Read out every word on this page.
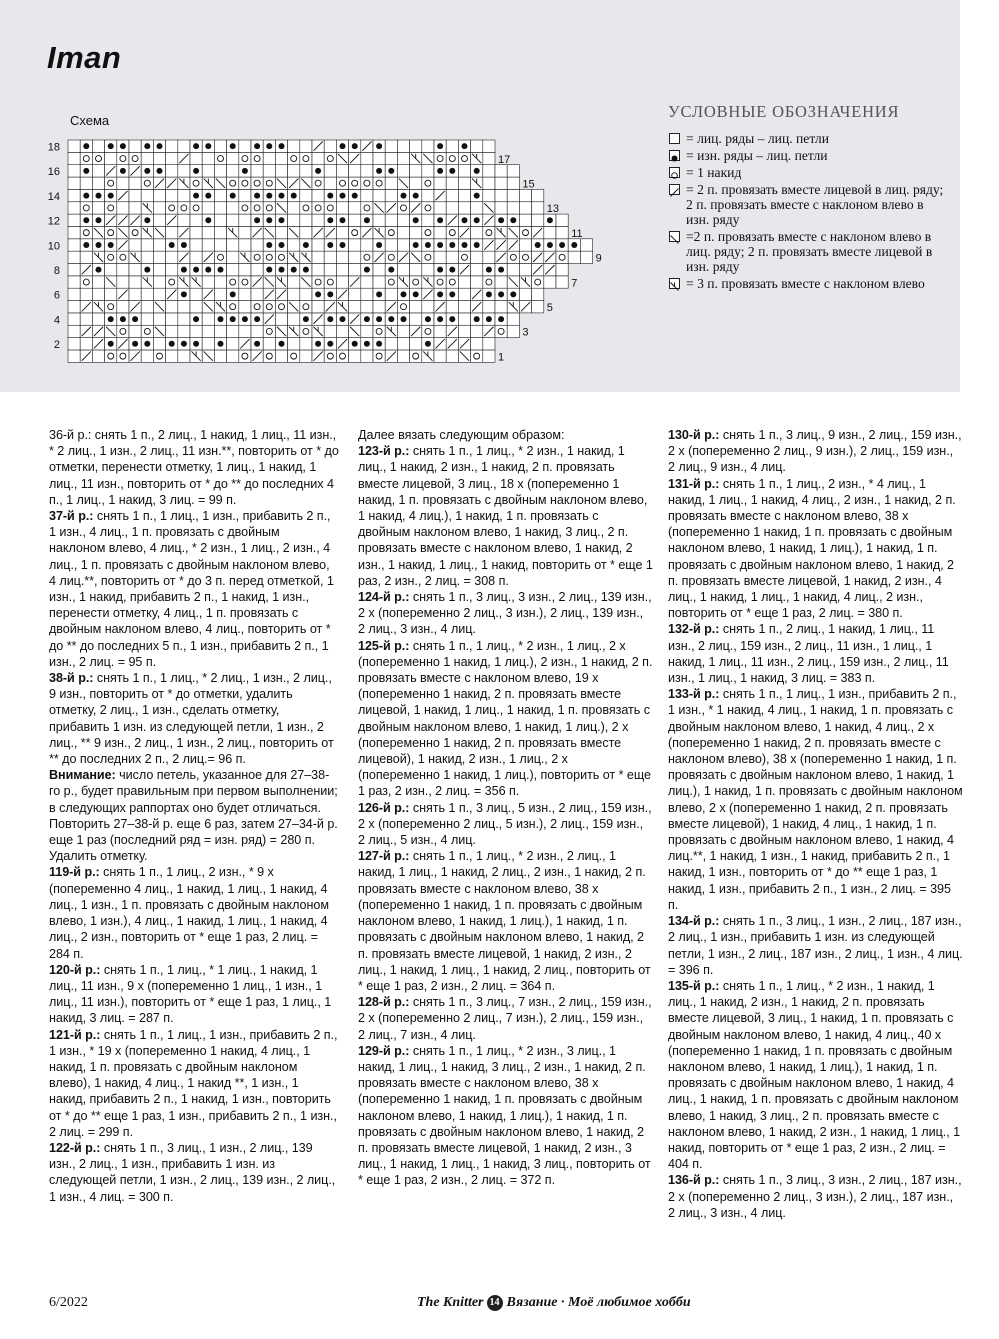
Iman
Схема
18
16
14
12
10
8
6
4
2
17
15
13
11
9
7
5
3
1
УСЛОВНЫЕ ОБОЗНАЧЕНИЯ
= лиц. ряды – лиц. петли
= изн. ряды – лиц. петли
= 1 накид
= 2 п. провязать вместе лицевой в лиц. ряду; 2 п. провязать вместе с наклоном влево в изн. ряду
=2 п. провязать вместе с наклоном влево в лиц. ряду; 2 п. провязать вместе лицевой в изн. ряду
= 3 п. провязать вместе с наклоном влево

36-й р.: снять 1 п., 2 лиц., 1 накид, 1 лиц., 11 изн., * 2 лиц., 1 изн., 2 лиц., 11 изн.**, повторить от * до отметки, перенести отметку, 1 лиц., 1 накид, 1 лиц., 11 изн., повторить от * до ** до последних 4 п., 1 лиц., 1 накид, 3 лиц. = 99 п.

37-й р.: снять 1 п., 1 лиц., 1 изн., прибавить 2 п., 1 изн., 4 лиц., 1 п. провязать с двойным наклоном влево, 4 лиц., * 2 изн., 1 лиц., 2 изн., 4 лиц., 1 п. провязать с двойным наклоном влево, 4 лиц.**, повторить от * до 3 п. перед отметкой, 1 изн., 1 накид, прибавить 2 п., 1 накид, 1 изн., перенести отметку, 4 лиц., 1 п. провязать с двойным наклоном влево, 4 лиц., повторить от * до ** до последних 5 п., 1 изн., прибавить 2 п., 1 изн., 2 лиц. = 95 п.

38-й р.: снять 1 п., 1 лиц., * 2 лиц., 1 изн., 2 лиц., 9 изн., повторить от * до отметки, удалить отметку, 2 лиц., 1 изн., сделать отметку, прибавить 1 изн. из следующей петли, 1 изн., 2 лиц., ** 9 изн., 2 лиц., 1 изн., 2 лиц., повторить от ** до последних 2 п., 2 лиц.= 96 п.

Внимание: число петель, указанное для 27–38-го р., будет правильным при первом выполнении; в следующих раппортах оно будет отличаться.

Повторить 27–38-й р. еще 6 раз, затем 27–34-й р. еще 1 раз (последний ряд = изн. ряд) = 280 п.

Удалить отметку.

119-й р.: снять 1 п., 1 лиц., 2 изн., * 9 х (попеременно 4 лиц., 1 накид, 1 лиц., 1 накид, 4 лиц., 1 изн., 1 п. провязать с двойным наклоном влево, 1 изн.), 4 лиц., 1 накид, 1 лиц., 1 накид, 4 лиц., 2 изн., повторить от * еще 1 раз, 2 лиц. = 284 п.

120-й р.: снять 1 п., 1 лиц., * 1 лиц., 1 накид, 1 лиц., 11 изн., 9 х (попеременно 1 лиц., 1 изн., 1 лиц., 11 изн.), повторить от * еще 1 раз, 1 лиц., 1 накид, 3 лиц. = 287 п.

121-й р.: снять 1 п., 1 лиц., 1 изн., прибавить 2 п., 1 изн., * 19 х (попеременно 1 накид, 4 лиц., 1 накид, 1 п. провязать с двойным наклоном влево), 1 накид, 4 лиц., 1 накид **, 1 изн., 1 накид, прибавить 2 п., 1 накид, 1 изн., повторить от * до ** еще 1 раз, 1 изн., прибавить 2 п., 1 изн., 2 лиц. = 299 п.

122-й р.: снять 1 п., 3 лиц., 1 изн., 2 лиц., 139 изн., 2 лиц., 1 изн., прибавить 1 изн. из следующей петли, 1 изн., 2 лиц., 139 изн., 2 лиц., 1 изн., 4 лиц. = 300 п.

Далее вязать следующим образом:

123-й р.: снять 1 п., 1 лиц., * 2 изн., 1 накид, 1 лиц., 1 накид, 2 изн., 1 накид, 2 п. провязать вместе лицевой, 3 лиц., 18 х (попеременно 1 накид, 1 п. провязать с двойным наклоном влево, 1 накид, 4 лиц.), 1 накид, 1 п. провязать с двойным наклоном влево, 1 накид, 3 лиц., 2 п. провязать вместе с наклоном влево, 1 накид, 2 изн., 1 накид, 1 лиц., 1 накид, повторить от * еще 1 раз, 2 изн., 2 лиц. = 308 п.

124-й р.: снять 1 п., 3 лиц., 3 изн., 2 лиц., 139 изн., 2 х (попеременно 2 лиц., 3 изн.), 2 лиц., 139 изн., 2 лиц., 3 изн., 4 лиц.

125-й р.: снять 1 п., 1 лиц., * 2 изн., 1 лиц., 2 х (попеременно 1 накид, 1 лиц.), 2 изн., 1 накид, 2 п. провязать вместе с наклоном влево, 19 х (попеременно 1 накид, 2 п. провязать вместе лицевой, 1 накид, 1 лиц., 1 накид, 1 п. провязать с двойным наклоном влево, 1 накид, 1 лиц.), 2 х (попеременно 1 накид, 2 п. провязать вместе лицевой), 1 накид, 2 изн., 1 лиц., 2 х (попеременно 1 накид, 1 лиц.), повторить от * еще 1 раз, 2 изн., 2 лиц. = 356 п.

126-й р.: снять 1 п., 3 лиц., 5 изн., 2 лиц., 159 изн., 2 х (попеременно 2 лиц., 5 изн.), 2 лиц., 159 изн., 2 лиц., 5 изн., 4 лиц.

127-й р.: снять 1 п., 1 лиц., * 2 изн., 2 лиц., 1 накид, 1 лиц., 1 накид, 2 лиц., 2 изн., 1 накид, 2 п. провязать вместе с наклоном влево, 38 х (попеременно 1 накид, 1 п. провязать с двойным наклоном влево, 1 накид, 1 лиц.), 1 накид, 1 п. провязать с двойным наклоном влево, 1 накид, 2 п. провязать вместе лицевой, 1 накид, 2 изн., 2 лиц., 1 накид, 1 лиц., 1 накид, 2 лиц., повторить от * еще 1 раз, 2 изн., 2 лиц. = 364 п.

128-й р.: снять 1 п., 3 лиц., 7 изн., 2 лиц., 159 изн., 2 х (попеременно 2 лиц., 7 изн.), 2 лиц., 159 изн., 2 лиц., 7 изн., 4 лиц.

129-й р.: снять 1 п., 1 лиц., * 2 изн., 3 лиц., 1 накид, 1 лиц., 1 накид, 3 лиц., 2 изн., 1 накид, 2 п. провязать вместе с наклоном влево, 38 х (попеременно 1 накид, 1 п. провязать с двойным наклоном влево, 1 накид, 1 лиц.), 1 накид, 1 п. провязать с двойным наклоном влево, 1 накид, 2 п. провязать вместе лицевой, 1 накид, 2 изн., 3 лиц., 1 накид, 1 лиц., 1 накид, 3 лиц., повторить от * еще 1 раз, 2 изн., 2 лиц. = 372 п.

130-й р.: снять 1 п., 3 лиц., 9 изн., 2 лиц., 159 изн., 2 х (попеременно 2 лиц., 9 изн.), 2 лиц., 159 изн., 2 лиц., 9 изн., 4 лиц.

131-й р.: снять 1 п., 1 лиц., 2 изн., * 4 лиц., 1 накид, 1 лиц., 1 накид, 4 лиц., 2 изн., 1 накид, 2 п. провязать вместе с наклоном влево, 38 х (попеременно 1 накид, 1 п. провязать с двойным наклоном влево, 1 накид, 1 лиц.), 1 накид, 1 п. провязать с двойным наклоном влево, 1 накид, 2 п. провязать вместе лицевой, 1 накид, 2 изн., 4 лиц., 1 накид, 1 лиц., 1 накид, 4 лиц., 2 изн., повторить от * еще 1 раз, 2 лиц. = 380 п.

132-й р.: снять 1 п., 2 лиц., 1 накид, 1 лиц., 11 изн., 2 лиц., 159 изн., 2 лиц., 11 изн., 1 лиц., 1 накид, 1 лиц., 11 изн., 2 лиц., 159 изн., 2 лиц., 11 изн., 1 лиц., 1 накид, 3 лиц. = 383 п.

133-й р.: снять 1 п., 1 лиц., 1 изн., прибавить 2 п., 1 изн., * 1 накид, 4 лиц., 1 накид, 1 п. провязать с двойным наклоном влево, 1 накид, 4 лиц., 2 х (попеременно 1 накид, 2 п. провязать вместе с наклоном влево), 38 х (попеременно 1 накид, 1 п. провязать с двойным наклоном влево, 1 накид, 1 лиц.), 1 накид, 1 п. провязать с двойным наклоном влево, 2 х (попеременно 1 накид, 2 п. провязать вместе лицевой), 1 накид, 4 лиц., 1 накид, 1 п. провязать с двойным наклоном влево, 1 накид, 4 лиц.**, 1 накид, 1 изн., 1 накид, прибавить 2 п., 1 накид, 1 изн., повторить от * до ** еще 1 раз, 1 накид, 1 изн., прибавить 2 п., 1 изн., 2 лиц. = 395 п.

134-й р.: снять 1 п., 3 лиц., 1 изн., 2 лиц., 187 изн., 2 лиц., 1 изн., прибавить 1 изн. из следующей петли, 1 изн., 2 лиц., 187 изн., 2 лиц., 1 изн., 4 лиц. = 396 п.

135-й р.: снять 1 п., 1 лиц., * 2 изн., 1 накид, 1 лиц., 1 накид, 2 изн., 1 накид, 2 п. провязать вместе лицевой, 3 лиц., 1 накид, 1 п. провязать с двойным наклоном влево, 1 накид, 4 лиц., 40 х (попеременно 1 накид, 1 п. провязать с двойным наклоном влево, 1 накид, 1 лиц.), 1 накид, 1 п. провязать с двойным наклоном влево, 1 накид, 4 лиц., 1 накид, 1 п. провязать с двойным наклоном влево, 1 накид, 3 лиц., 2 п. провязать вместе с наклоном влево, 1 накид, 2 изн., 1 накид, 1 лиц., 1 накид, повторить от * еще 1 раз, 2 изн., 2 лиц. = 404 п.

136-й р.: снять 1 п., 3 лиц., 3 изн., 2 лиц., 187 изн., 2 х (попеременно 2 лиц., 3 изн.), 2 лиц., 187 изн., 2 лиц., 3 изн., 4 лиц.

6/2022	The Knitter 14 Вязание · Моё любимое хобби
